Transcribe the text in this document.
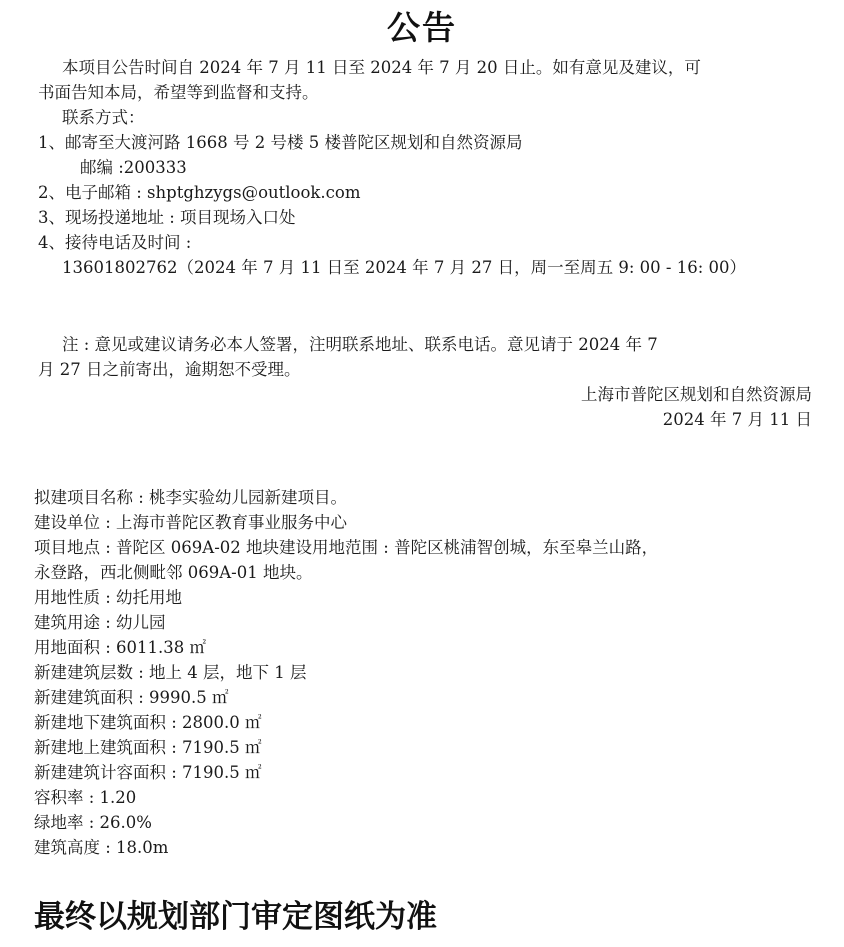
公告
本项目公告时间自 2024 年 7 月 11 日至 2024 年 7 月 20 日止。如有意见及建议，可
书面告知本局，希望等到监督和支持。
联系方式：
1、邮寄至大渡河路 1668 号 2 号楼 5 楼普陀区规划和自然资源局
邮编 :200333
2、电子邮箱 : shptghzygs@outlook.com
3、现场投递地址 : 项目现场入口处
4、接待电话及时间 :
13601802762（2024 年 7 月 11 日至 2024 年 7 月 27 日，周一至周五 9: 00 - 16: 00）
注 : 意见或建议请务必本人签署，注明联系地址、联系电话。意见请于 2024 年 7
月 27 日之前寄出，逾期恕不受理。
上海市普陀区规划和自然资源局
2024 年 7 月 11 日
拟建项目名称 : 桃李实验幼儿园新建项目。
建设单位 : 上海市普陀区教育事业服务中心
项目地点 : 普陀区 069A-02 地块建设用地范围 : 普陀区桃浦智创城，东至皋兰山路，
永登路，西北侧毗邻 069A-01 地块。
用地性质 : 幼托用地
建筑用途 : 幼儿园
用地面积 : 6011.38 ㎡
新建建筑层数 : 地上 4 层，地下 1 层
新建建筑面积 : 9990.5 ㎡
新建地下建筑面积 : 2800.0 ㎡
新建地上建筑面积 : 7190.5 ㎡
新建建筑计容面积 : 7190.5 ㎡
容积率 : 1.20
绿地率 : 26.0%
建筑高度 : 18.0m
最终以规划部门审定图纸为准
